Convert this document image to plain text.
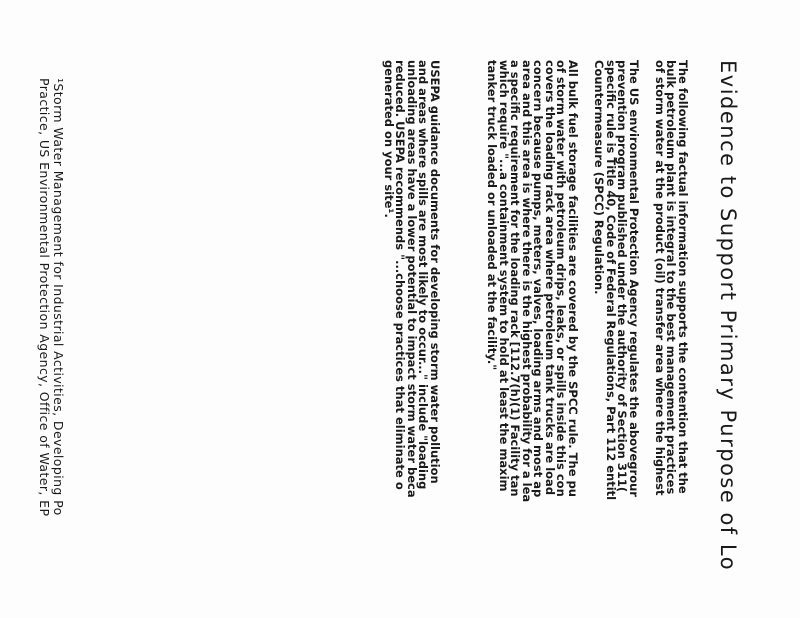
Evidence to Support Primary Purpose of Lo
The following factual information supports the contention that the
bulk petroleum plant is integral to the best management practices
of storm water at the product (oil) transfer area where the highest
The US environmental Protection Agency regulates the abovegrour
prevention program published under the authority of Section 311(
specific rule is Title 40, Code of Federal Regulations, Part 112 entitl
Countermeasure (SPCC) Regulation.
All bulk fuel storage facilities are covered by the SPCC rule. The pu
of storm water with petroleum drips, leaks, or spills inside this con
covers the loading rack area where petroleum tank trucks are load
concern because pumps, meters, valves, loading arms and most ap
area and this area is where there is the highest probability for a lea
a specific requirement for the loading rack [112.7(h)(1) Facility tan
which require "...a containment system to hold at least the maxim
tanker truck loaded or unloaded at the facility."
USEPA guidance documents for developing storm water pollution
and areas where spills are most likely to occur..." include "loading
unloading areas have a lower potential to impact storm water beca
reduced. USEPA recommends "...choose practices that eliminate o
generated on your site¹.
¹Storm Water Management for Industrial Activities, Developing Po
Practice, US Environmental Protection Agency, Office of Water, EP
